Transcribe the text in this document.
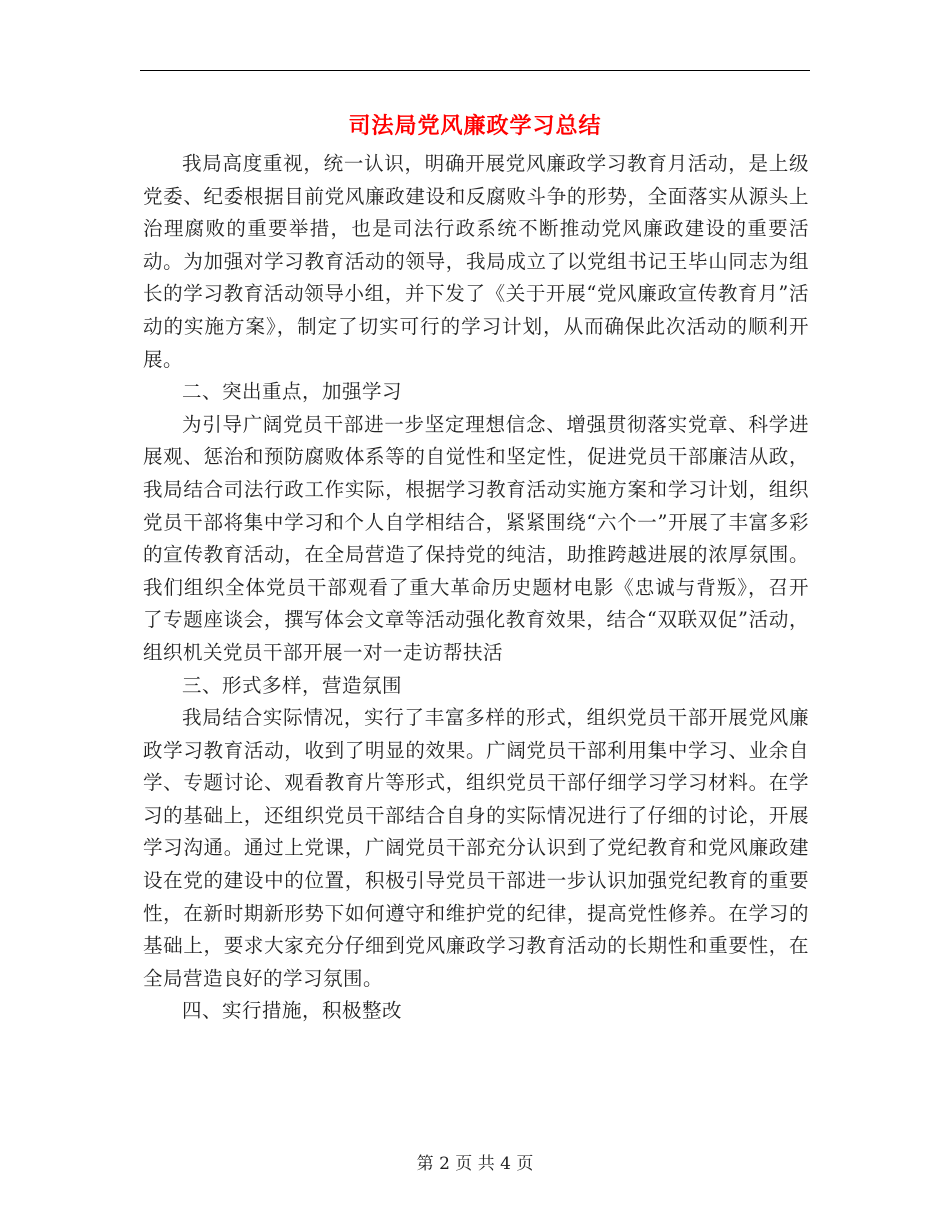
司法局党风廉政学习总结

我局高度重视，统一认识，明确开展党风廉政学习教育月活动，是上级党委、纪委根据目前党风廉政建设和反腐败斗争的形势，全面落实从源头上治理腐败的重要举措，也是司法行政系统不断推动党风廉政建设的重要活动。为加强对学习教育活动的领导，我局成立了以党组书记王毕山同志为组长的学习教育活动领导小组，并下发了《关于开展“党风廉政宣传教育月”活动的实施方案》，制定了切实可行的学习计划，从而确保此次活动的顺利开展。

二、突出重点，加强学习

为引导广阔党员干部进一步坚定理想信念、增强贯彻落实党章、科学进展观、惩治和预防腐败体系等的自觉性和坚定性，促进党员干部廉洁从政，我局结合司法行政工作实际，根据学习教育活动实施方案和学习计划，组织党员干部将集中学习和个人自学相结合，紧紧围绕“六个一”开展了丰富多彩的宣传教育活动，在全局营造了保持党的纯洁，助推跨越进展的浓厚氛围。我们组织全体党员干部观看了重大革命历史题材电影《忠诚与背叛》，召开了专题座谈会，撰写体会文章等活动强化教育效果，结合“双联双促”活动，组织机关党员干部开展一对一走访帮扶活

三、形式多样，营造氛围

我局结合实际情况，实行了丰富多样的形式，组织党员干部开展党风廉政学习教育活动，收到了明显的效果。广阔党员干部利用集中学习、业余自学、专题讨论、观看教育片等形式，组织党员干部仔细学习学习材料。在学习的基础上，还组织党员干部结合自身的实际情况进行了仔细的讨论，开展学习沟通。通过上党课，广阔党员干部充分认识到了党纪教育和党风廉政建设在党的建设中的位置，积极引导党员干部进一步认识加强党纪教育的重要性，在新时期新形势下如何遵守和维护党的纪律，提高党性修养。在学习的基础上，要求大家充分仔细到党风廉政学习教育活动的长期性和重要性，在全局营造良好的学习氛围。

四、实行措施，积极整改

第 2 页 共 4 页
